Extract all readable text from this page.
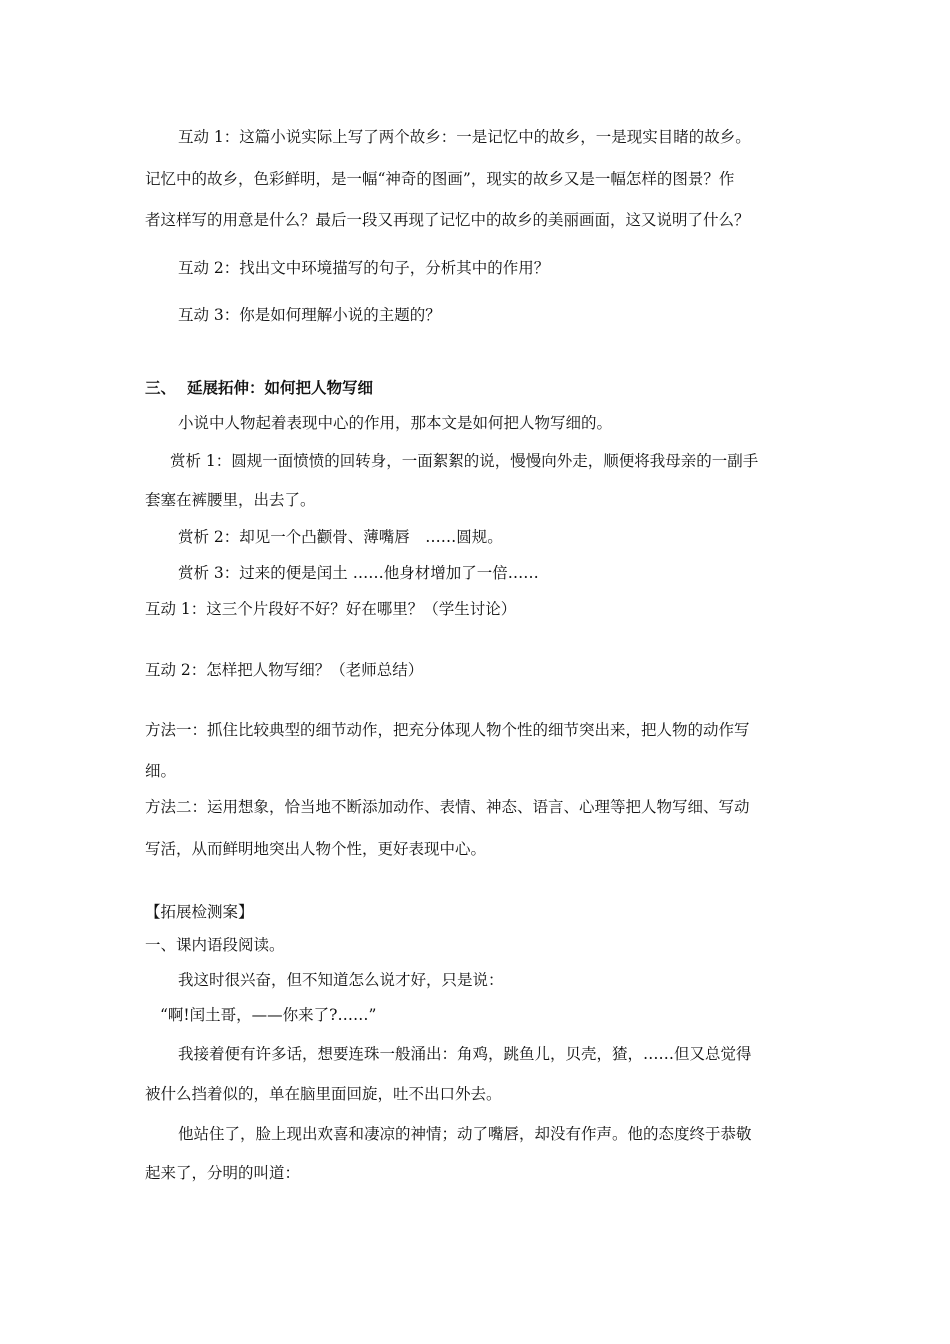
互动 1：这篇小说实际上写了两个故乡：一是记忆中的故乡，一是现实目睹的故乡。
记忆中的故乡，色彩鲜明，是一幅“神奇的图画”，现实的故乡又是一幅怎样的图景？作
者这样写的用意是什么？最后一段又再现了记忆中的故乡的美丽画面，这又说明了什么？
互动 2：找出文中环境描写的句子，分析其中的作用？
互动 3：你是如何理解小说的主题的？
三、 延展拓伸：如何把人物写细
小说中人物起着表现中心的作用，那本文是如何把人物写细的。
赏析 1：圆规一面愤愤的回转身，一面絮絮的说，慢慢向外走，顺便将我母亲的一副手
套塞在裤腰里，出去了。
赏析 2：却见一个凸颧骨、薄嘴唇　……圆规。
赏析 3：过来的便是闰土 ……他身材增加了一倍……
互动 1：这三个片段好不好？好在哪里？（学生讨论）
互动 2：怎样把人物写细？（老师总结）
方法一：抓住比较典型的细节动作，把充分体现人物个性的细节突出来，把人物的动作写
细。
方法二：运用想象，恰当地不断添加动作、表情、神态、语言、心理等把人物写细、写动
写活，从而鲜明地突出人物个性，更好表现中心。
【拓展检测案】
一、课内语段阅读。
我这时很兴奋，但不知道怎么说才好，只是说：
“啊!闰土哥，——你来了?……”
我接着便有许多话，想要连珠一般涌出：角鸡，跳鱼儿，贝壳，猹，……但又总觉得
被什么挡着似的，单在脑里面回旋，吐不出口外去。
他站住了，脸上现出欢喜和凄凉的神情；动了嘴唇，却没有作声。他的态度终于恭敬
起来了，分明的叫道：
